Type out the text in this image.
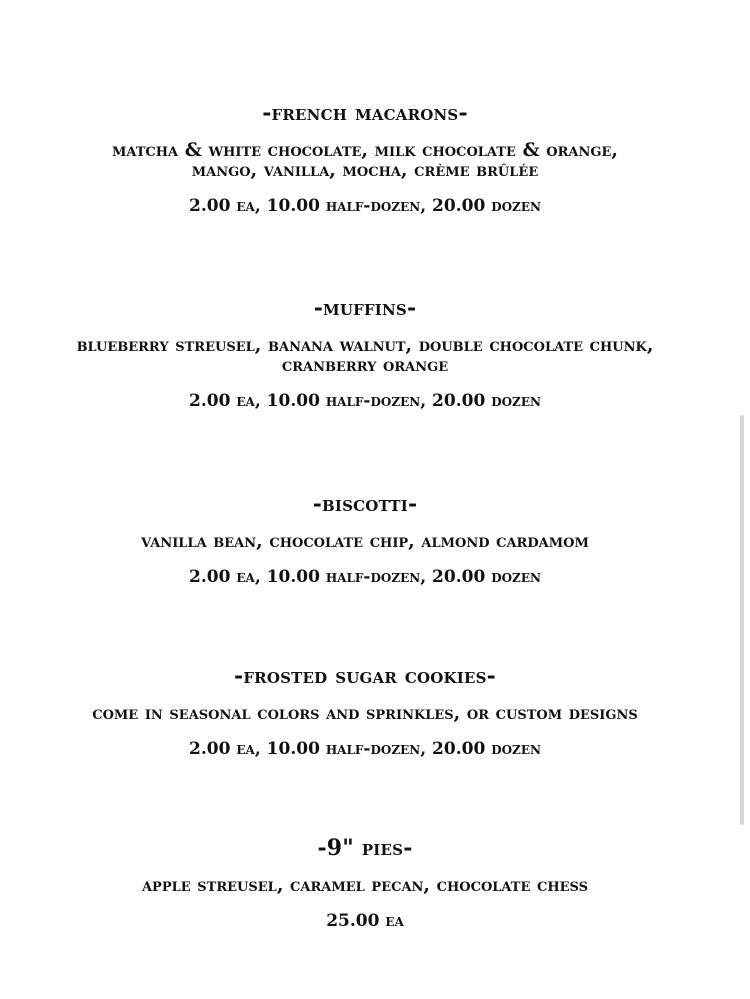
-french macarons-

matcha & white chocolate, milk chocolate & orange,
mango, vanilla, mocha, crème brûlée

2.00 ea, 10.00 half-dozen, 20.00 dozen

-muffins-

blueberry streusel, banana walnut, double chocolate chunk,
cranberry orange

2.00 ea, 10.00 half-dozen, 20.00 dozen

-biscotti-

vanilla bean, chocolate chip, almond cardamom

2.00 ea, 10.00 half-dozen, 20.00 dozen

-frosted sugar cookies-

come in seasonal colors and sprinkles, or custom designs

2.00 ea, 10.00 half-dozen, 20.00 dozen

-9" pies-

apple streusel, caramel pecan, chocolate chess

25.00 ea
